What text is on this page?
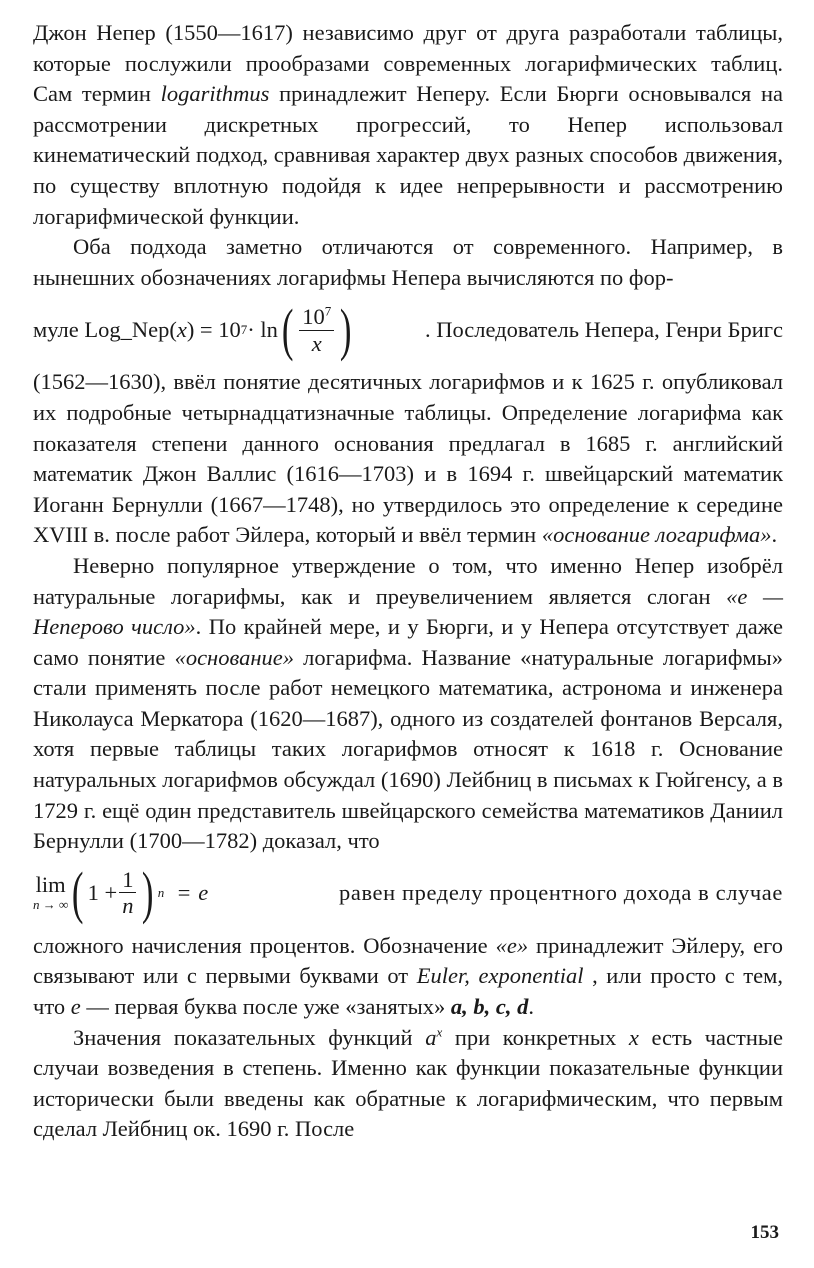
Джон Непер (1550—1617) независимо друг от друга разработали таблицы, которые послужили прообразами современных логарифмических таблиц. Сам термин logarithmus принадлежит Неперу. Если Бюрги основывался на рассмотрении дискретных прогрессий, то Непер использовал кинематический подход, сравнивая характер двух разных способов движения, по существу вплотную подойдя к идее непрерывности и рассмотрению логарифмической функции.

Оба подхода заметно отличаются от современного. Например, в нынешних обозначениях логарифмы Непера вычисляются по фор-

муле Log_Nep( x ) = 10 7 · ln ( $\frac{10^7}{x}$ )	. Последователь Непера, Генри Бригс

(1562—1630), ввёл понятие десятичных логарифмов и к 1625 г. опубликовал их подробные четырнадцатизначные таблицы. Определение логарифма как показателя степени данного основания предлагал в 1685 г. английский математик Джон Валлис (1616—1703) и в 1694 г. швейцарский математик Иоганн Бернулли (1667—1748), но утвердилось это определение к середине XVIII в. после работ Эйлера, который и ввёл термин «основание логарифма».

Неверно популярное утверждение о том, что именно Непер изобрёл натуральные логарифмы, как и преувеличением является слоган «e — Неперово число». По крайней мере, и у Бюрги, и у Непера отсутствует даже само понятие «основание» логарифма. Название «натуральные логарифмы» стали применять после работ немецкого математика, астронома и инженера Николауса Меркатора (1620—1687), одного из создателей фонтанов Версаля, хотя первые таблицы таких логарифмов относят к 1618 г. Основание натуральных логарифмов обсуждал (1690) Лейбниц в письмах к Гюйгенсу, а в 1729 г. ещё один представитель швейцарского семейства математиков Даниил Бернулли (1700—1782) доказал, что

lim
n → ∞ ( $1 + \frac{1}{n}$ ) n = e	равен пределу процентного дохода в случае

сложного начисления процентов. Обозначение «e» принадлежит Эйлеру, его связывают или с первыми буквами от Euler, exponential , или просто с тем, что e — первая буква после уже «занятых» a, b, c, d.

Значения показательных функций $a^x$ при конкретных x есть частные случаи возведения в степень. Именно как функции показательные функции исторически были введены как обратные к логарифмическим, что первым сделал Лейбниц ок. 1690 г. После

153
